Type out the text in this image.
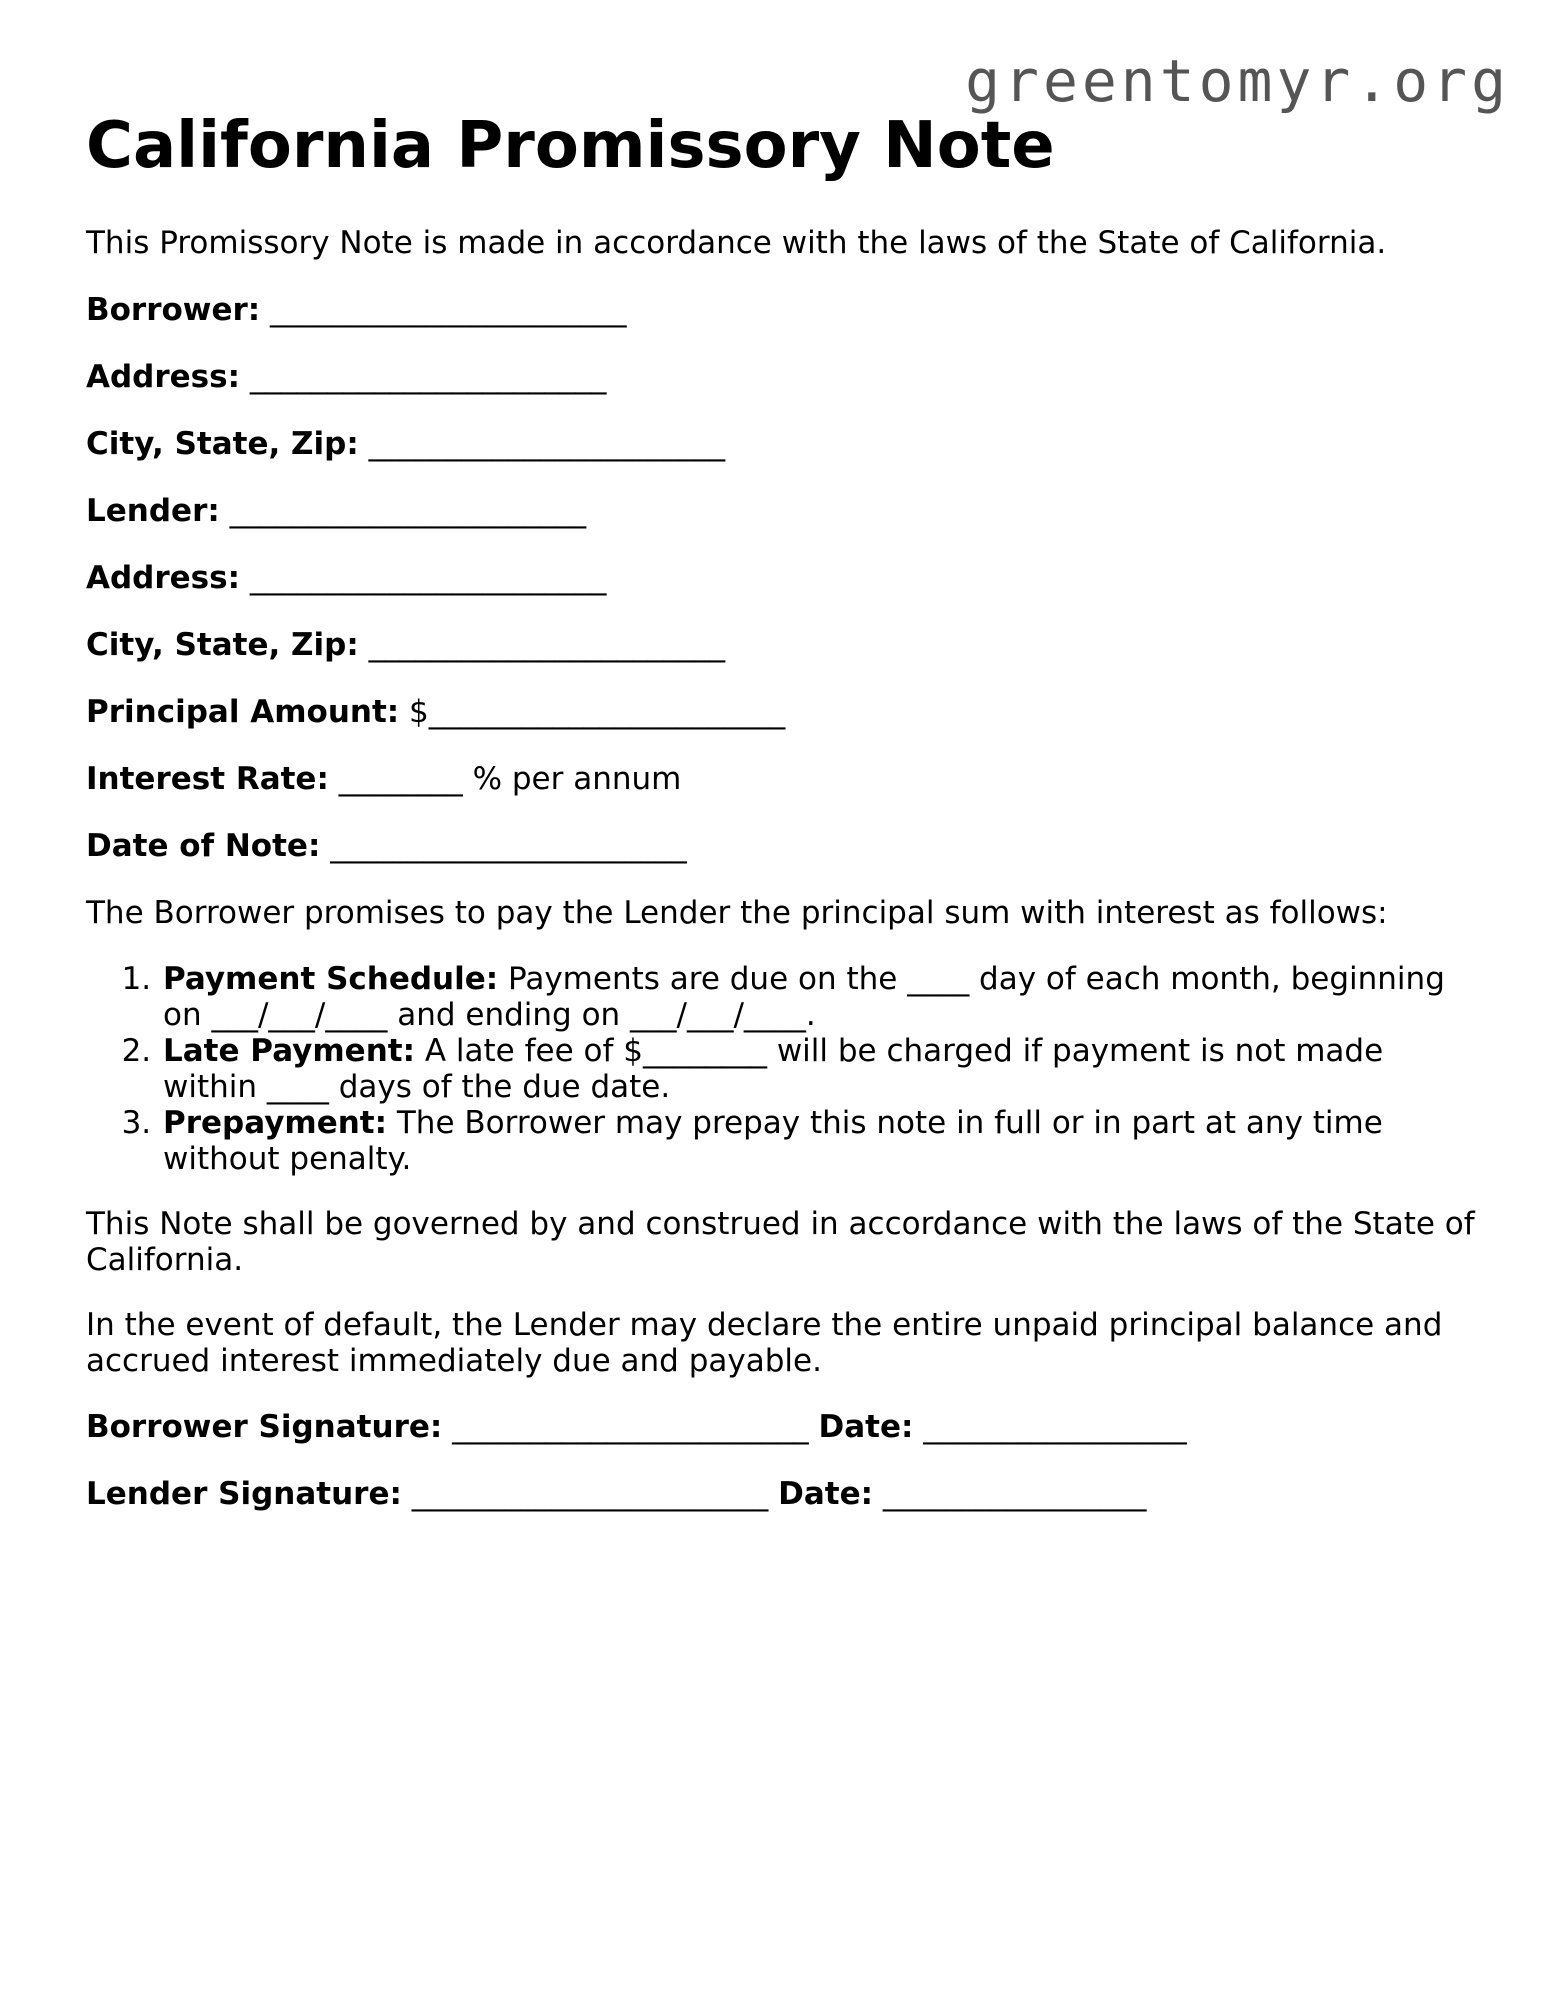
greentomyr.org
California Promissory Note

This Promissory Note is made in accordance with the laws of the State of California.

Borrower: _______________________

Address: _______________________

City, State, Zip: _______________________

Lender: _______________________

Address: _______________________

City, State, Zip: _______________________

Principal Amount: $_______________________

Interest Rate: ________ % per annum

Date of Note: _______________________

The Borrower promises to pay the Lender the principal sum with interest as follows:

1. Payment Schedule: Payments are due on the ____ day of each month, beginning on ___/___/____ and ending on ___/___/____.
2. Late Payment: A late fee of $________ will be charged if payment is not made within ____ days of the due date.
3. Prepayment: The Borrower may prepay this note in full or in part at any time without penalty.

This Note shall be governed by and construed in accordance with the laws of the State of California.

In the event of default, the Lender may declare the entire unpaid principal balance and accrued interest immediately due and payable.

Borrower Signature: _______________________ Date: _________________

Lender Signature: _______________________ Date: _________________
